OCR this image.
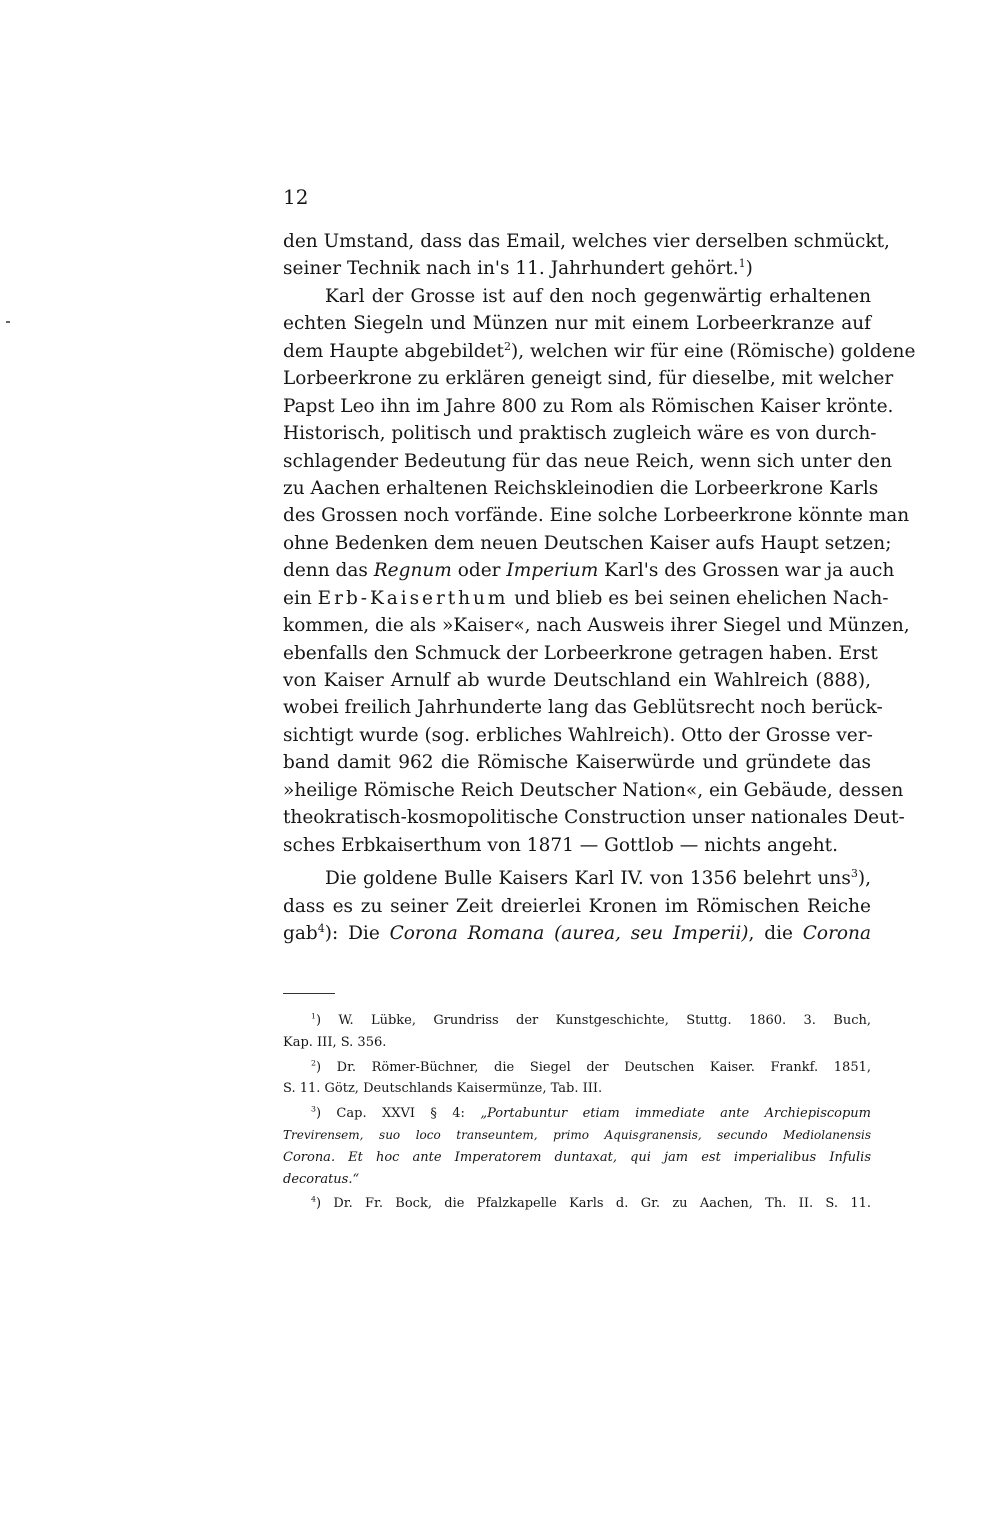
12
den Umstand, dass das Email, welches vier derselben schmückt,
seiner Technik nach in's 11. Jahrhundert gehört.$^1$)
Karl der Grosse ist auf den noch gegenwärtig erhaltenen
echten Siegeln und Münzen nur mit einem Lorbeerkranze auf
dem Haupte abgebildet$^2$), welchen wir für eine (Römische) goldene
Lorbeerkrone zu erklären geneigt sind, für dieselbe, mit welcher
Papst Leo ihn im Jahre 800 zu Rom als Römischen Kaiser krönte.
Historisch, politisch und praktisch zugleich wäre es von durch-
schlagender Bedeutung für das neue Reich, wenn sich unter den
zu Aachen erhaltenen Reichskleinodien die Lorbeerkrone Karls
des Grossen noch vorfände. Eine solche Lorbeerkrone könnte man
ohne Bedenken dem neuen Deutschen Kaiser aufs Haupt setzen;
denn das Regnum oder Imperium Karl's des Grossen war ja auch
ein Erb-Kaiserthum und blieb es bei seinen ehelichen Nach-
kommen, die als »Kaiser«, nach Ausweis ihrer Siegel und Münzen,
ebenfalls den Schmuck der Lorbeerkrone getragen haben. Erst
von Kaiser Arnulf ab wurde Deutschland ein Wahlreich (888),
wobei freilich Jahrhunderte lang das Geblütsrecht noch berück-
sichtigt wurde (sog. erbliches Wahlreich). Otto der Grosse ver-
band damit 962 die Römische Kaiserwürde und gründete das
»heilige Römische Reich Deutscher Nation«, ein Gebäude, dessen
theokratisch-kosmopolitische Construction unser nationales Deut-
sches Erbkaiserthum von 1871 — Gottlob — nichts angeht.
Die goldene Bulle Kaisers Karl IV. von 1356 belehrt uns$^3$),
dass es zu seiner Zeit dreierlei Kronen im Römischen Reiche
gab$^4$): Die Corona Romana (aurea, seu Imperii), die Corona
$^1$) W. Lübke, Grundriss der Kunstgeschichte, Stuttg. 1860. 3. Buch,
Kap. III, S. 356.
$^2$) Dr. Römer-Büchner, die Siegel der Deutschen Kaiser. Frankf. 1851,
S. 11. Götz, Deutschlands Kaisermünze, Tab. III.
$^3$) Cap. XXVI § 4: „Portabuntur etiam immediate ante Archiepiscopum
Trevirensem, suo loco transeuntem, primo Aquisgranensis, secundo Mediolanensis
Corona. Et hoc ante Imperatorem duntaxat, qui jam est imperialibus Infulis
decoratus.“
$^4$) Dr. Fr. Bock, die Pfalzkapelle Karls d. Gr. zu Aachen, Th. II. S. 11.
